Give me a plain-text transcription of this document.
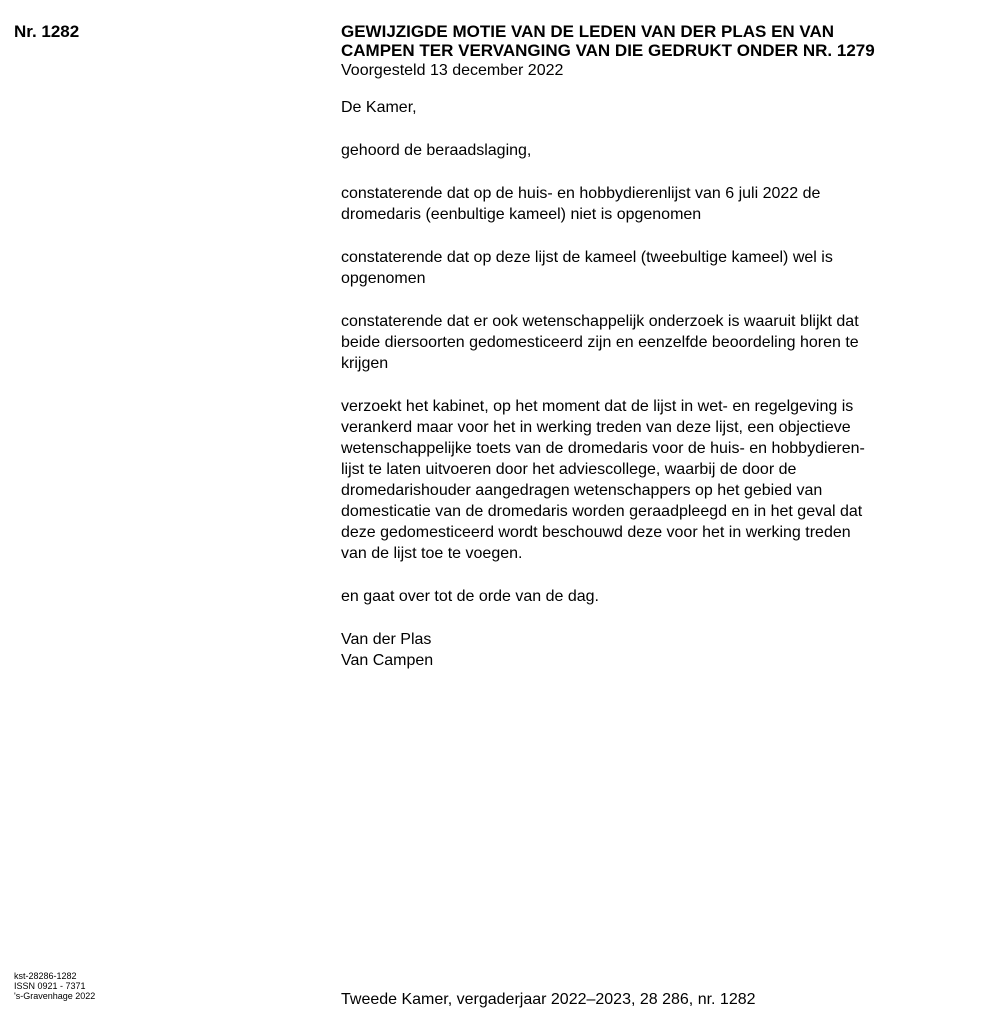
Nr. 1282	GEWIJZIGDE MOTIE VAN DE LEDEN VAN DER PLAS EN VAN
CAMPEN TER VERVANGING VAN DIE GEDRUKT ONDER NR. 1279

Voorgesteld 13 december 2022

De Kamer,

gehoord de beraadslaging,

constaterende dat op de huis- en hobbydierenlijst van 6 juli 2022 de
dromedaris (eenbultige kameel) niet is opgenomen

constaterende dat op deze lijst de kameel (tweebultige kameel) wel is
opgenomen

constaterende dat er ook wetenschappelijk onderzoek is waaruit blijkt dat
beide diersoorten gedomesticeerd zijn en eenzelfde beoordeling horen te
krijgen

verzoekt het kabinet, op het moment dat de lijst in wet- en regelgeving is
verankerd maar voor het in werking treden van deze lijst, een objectieve
wetenschappelijke toets van de dromedaris voor de huis- en hobbydieren-
lijst te laten uitvoeren door het adviescollege, waarbij de door de
dromedarishouder aangedragen wetenschappers op het gebied van
domesticatie van de dromedaris worden geraadpleegd en in het geval dat
deze gedomesticeerd wordt beschouwd deze voor het in werking treden
van de lijst toe te voegen.

en gaat over tot de orde van de dag.

Van der Plas
Van Campen

kst-28286-1282
ISSN 0921 - 7371
's-Gravenhage 2022	Tweede Kamer, vergaderjaar 2022–2023, 28 286, nr. 1282
